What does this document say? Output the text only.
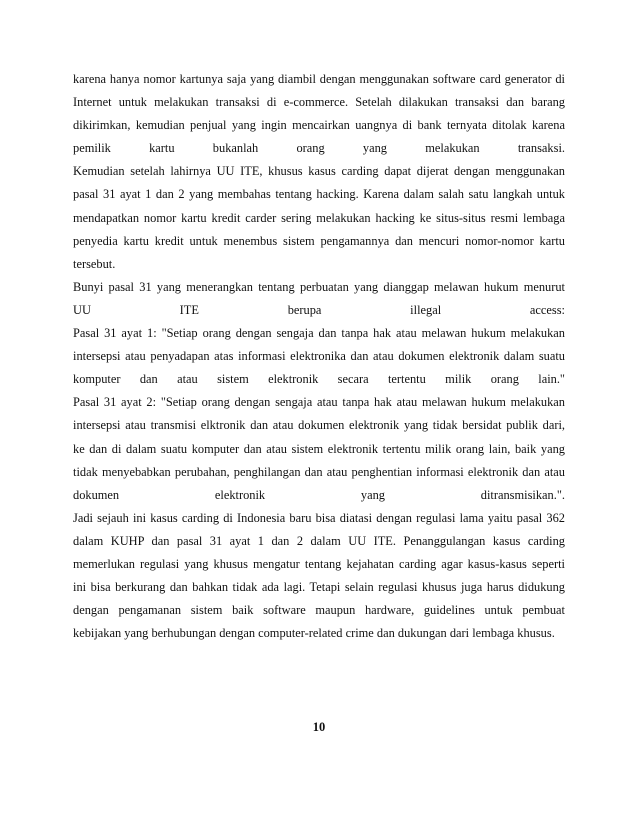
karena hanya nomor kartunya saja yang diambil dengan menggunakan software card generator di
Internet untuk melakukan transaksi di e-commerce. Setelah dilakukan transaksi dan barang
dikirimkan, kemudian penjual yang ingin mencairkan uangnya di bank ternyata ditolak karena
pemilik kartu bukanlah orang yang melakukan transaksi.
Kemudian setelah lahirnya UU ITE, khusus kasus carding dapat dijerat dengan menggunakan
pasal 31 ayat 1 dan 2 yang membahas tentang hacking. Karena dalam salah satu langkah untuk
mendapatkan nomor kartu kredit carder sering melakukan hacking ke situs-situs resmi lembaga
penyedia kartu kredit untuk menembus sistem pengamannya dan mencuri nomor-nomor kartu
tersebut.
Bunyi pasal 31 yang menerangkan tentang perbuatan yang dianggap melawan hukum menurut
UU ITE berupa illegal access:
Pasal 31 ayat 1: "Setiap orang dengan sengaja dan tanpa hak atau melawan hukum melakukan
intersepsi atau penyadapan atas informasi elektronika dan atau dokumen elektronik dalam suatu
komputer dan atau sistem elektronik secara tertentu milik orang lain."
Pasal 31 ayat 2: "Setiap orang dengan sengaja atau tanpa hak atau melawan hukum melakukan
intersepsi atau transmisi elktronik dan atau dokumen elektronik yang tidak bersidat publik dari,
ke dan di dalam suatu komputer dan atau sistem elektronik tertentu milik orang lain, baik yang
tidak menyebabkan perubahan, penghilangan dan atau penghentian informasi elektronik dan atau
dokumen elektronik yang ditransmisikan.".
Jadi sejauh ini kasus carding di Indonesia baru bisa diatasi dengan regulasi lama yaitu pasal 362
dalam KUHP dan pasal 31 ayat 1 dan 2 dalam UU ITE. Penanggulangan kasus carding
memerlukan regulasi yang khusus mengatur tentang kejahatan carding agar kasus-kasus seperti
ini bisa berkurang dan bahkan tidak ada lagi. Tetapi selain regulasi khusus juga harus didukung
dengan pengamanan sistem baik software maupun hardware, guidelines untuk pembuat
kebijakan yang berhubungan dengan computer-related crime dan dukungan dari lembaga khusus.
10
